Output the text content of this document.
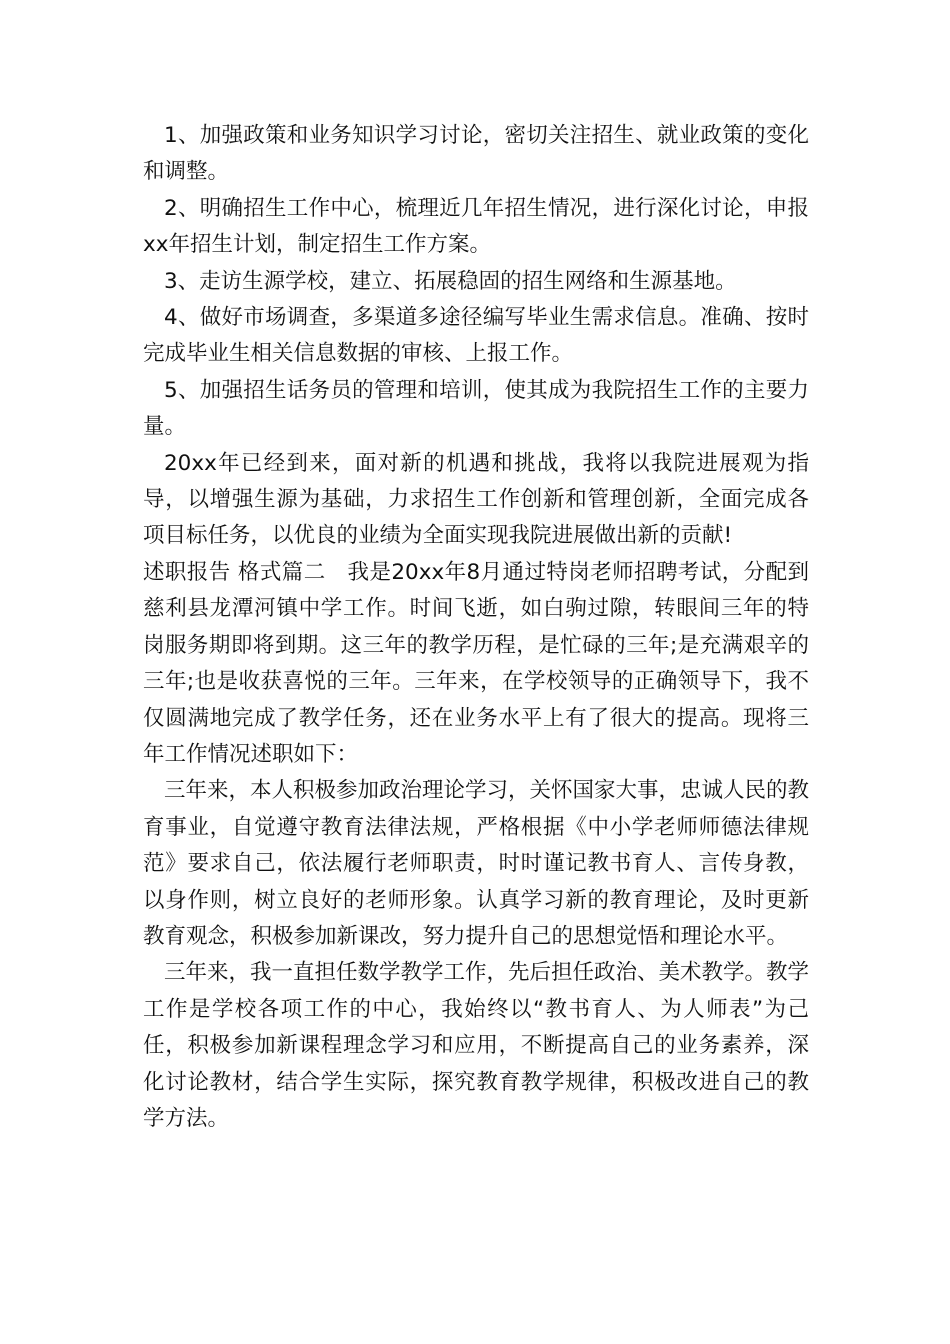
1、加强政策和业务知识学习讨论，密切关注招生、就业政策的变化和调整。

2、明确招生工作中心，梳理近几年招生情况，进行深化讨论，申报xx年招生计划，制定招生工作方案。

3、走访生源学校，建立、拓展稳固的招生网络和生源基地。

4、做好市场调查，多渠道多途径编写毕业生需求信息。准确、按时完成毕业生相关信息数据的审核、上报工作。

5、加强招生话务员的管理和培训，使其成为我院招生工作的主要力量。

20xx年已经到来，面对新的机遇和挑战，我将以我院进展观为指导，以增强生源为基础，力求招生工作创新和管理创新，全面完成各项目标任务，以优良的业绩为全面实现我院进展做出新的贡献!

述职报告 格式篇二　我是20xx年8月通过特岗老师招聘考试，分配到慈利县龙潭河镇中学工作。时间飞逝，如白驹过隙，转眼间三年的特岗服务期即将到期。这三年的教学历程，是忙碌的三年;是充满艰辛的三年;也是收获喜悦的三年。三年来，在学校领导的正确领导下，我不仅圆满地完成了教学任务，还在业务水平上有了很大的提高。现将三年工作情况述职如下：

三年来，本人积极参加政治理论学习，关怀国家大事，忠诚人民的教育事业，自觉遵守教育法律法规，严格根据《中小学老师师德法律规范》要求自己，依法履行老师职责，时时谨记教书育人、言传身教，以身作则，树立良好的老师形象。认真学习新的教育理论，及时更新教育观念，积极参加新课改，努力提升自己的思想觉悟和理论水平。

三年来，我一直担任数学教学工作，先后担任政治、美术教学。教学工作是学校各项工作的中心，我始终以“教书育人、为人师表”为己任，积极参加新课程理念学习和应用，不断提高自己的业务素养，深化讨论教材，结合学生实际，探究教育教学规律，积极改进自己的教学方法。
